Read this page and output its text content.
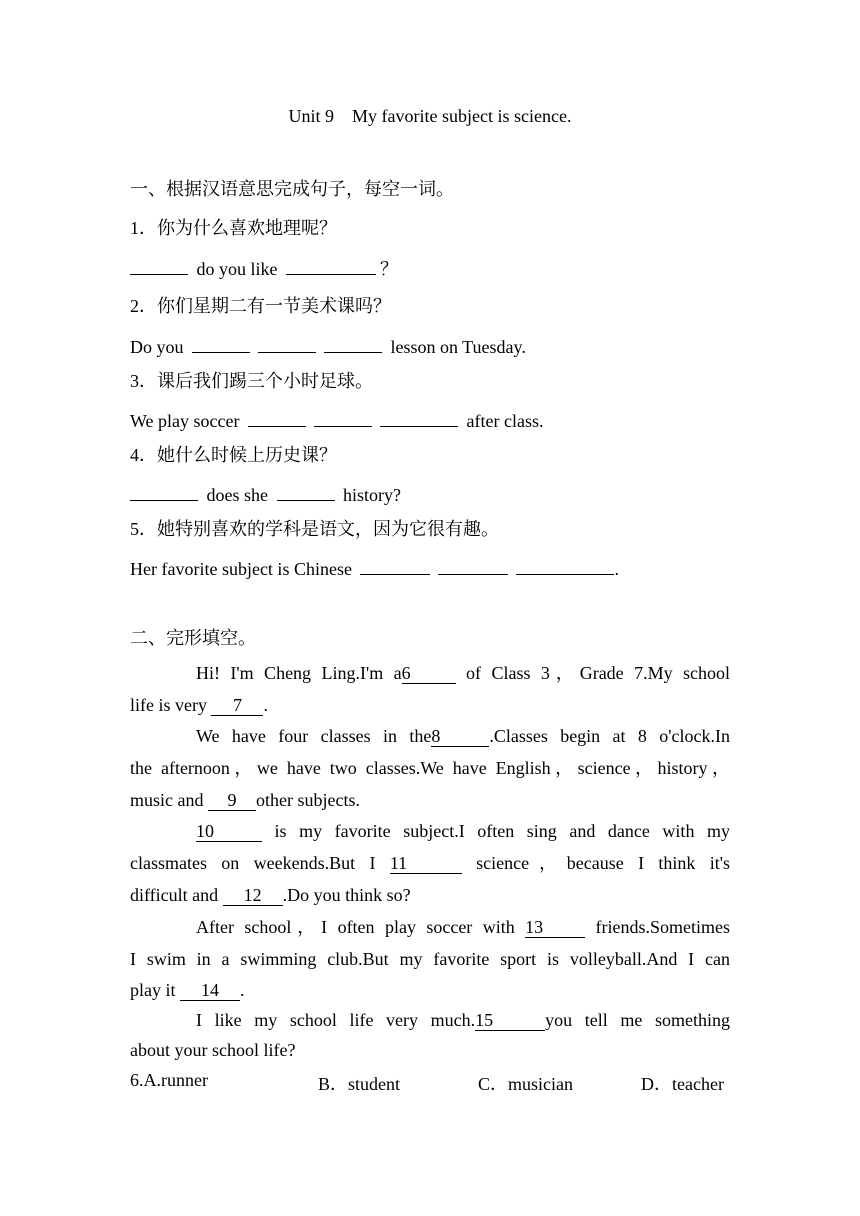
Unit 9    My favorite subject is science.
一、根据汉语意思完成句子，每空一词。
1．你为什么喜欢地理呢？
do you like	？
2．你们星期二有一节美术课吗？
Do you	lesson on Tuesday.
3．课后我们踢三个小时足球。
We play soccer	after class.
4．她什么时候上历史课？
does she	history?
5．她特别喜欢的学科是语文，因为它很有趣。
Her favorite subject is Chinese	.
二、完形填空。
Hi! I'm Cheng Ling.I'm a6	of Class 3，Grade 7.My school
life is very 7 .
We have four classes in the8	.Classes begin at 8 o'clock.In
the afternoon，we have two classes.We have English，science，history，
music and 9 other subjects.
10	is my favorite subject.I often sing and dance with my
classmates on weekends.But I 11	science，because I think it's
difficult and 12 .Do you think so?
After school，I often play soccer with 13 friends.Sometimes
I swim in a swimming club.But my favorite sport is volleyball.And I can
play it 14 .
I like my school life very much.15	you tell me something
about your school life?
6.A.runner	B．student	C．musician	D．teacher
